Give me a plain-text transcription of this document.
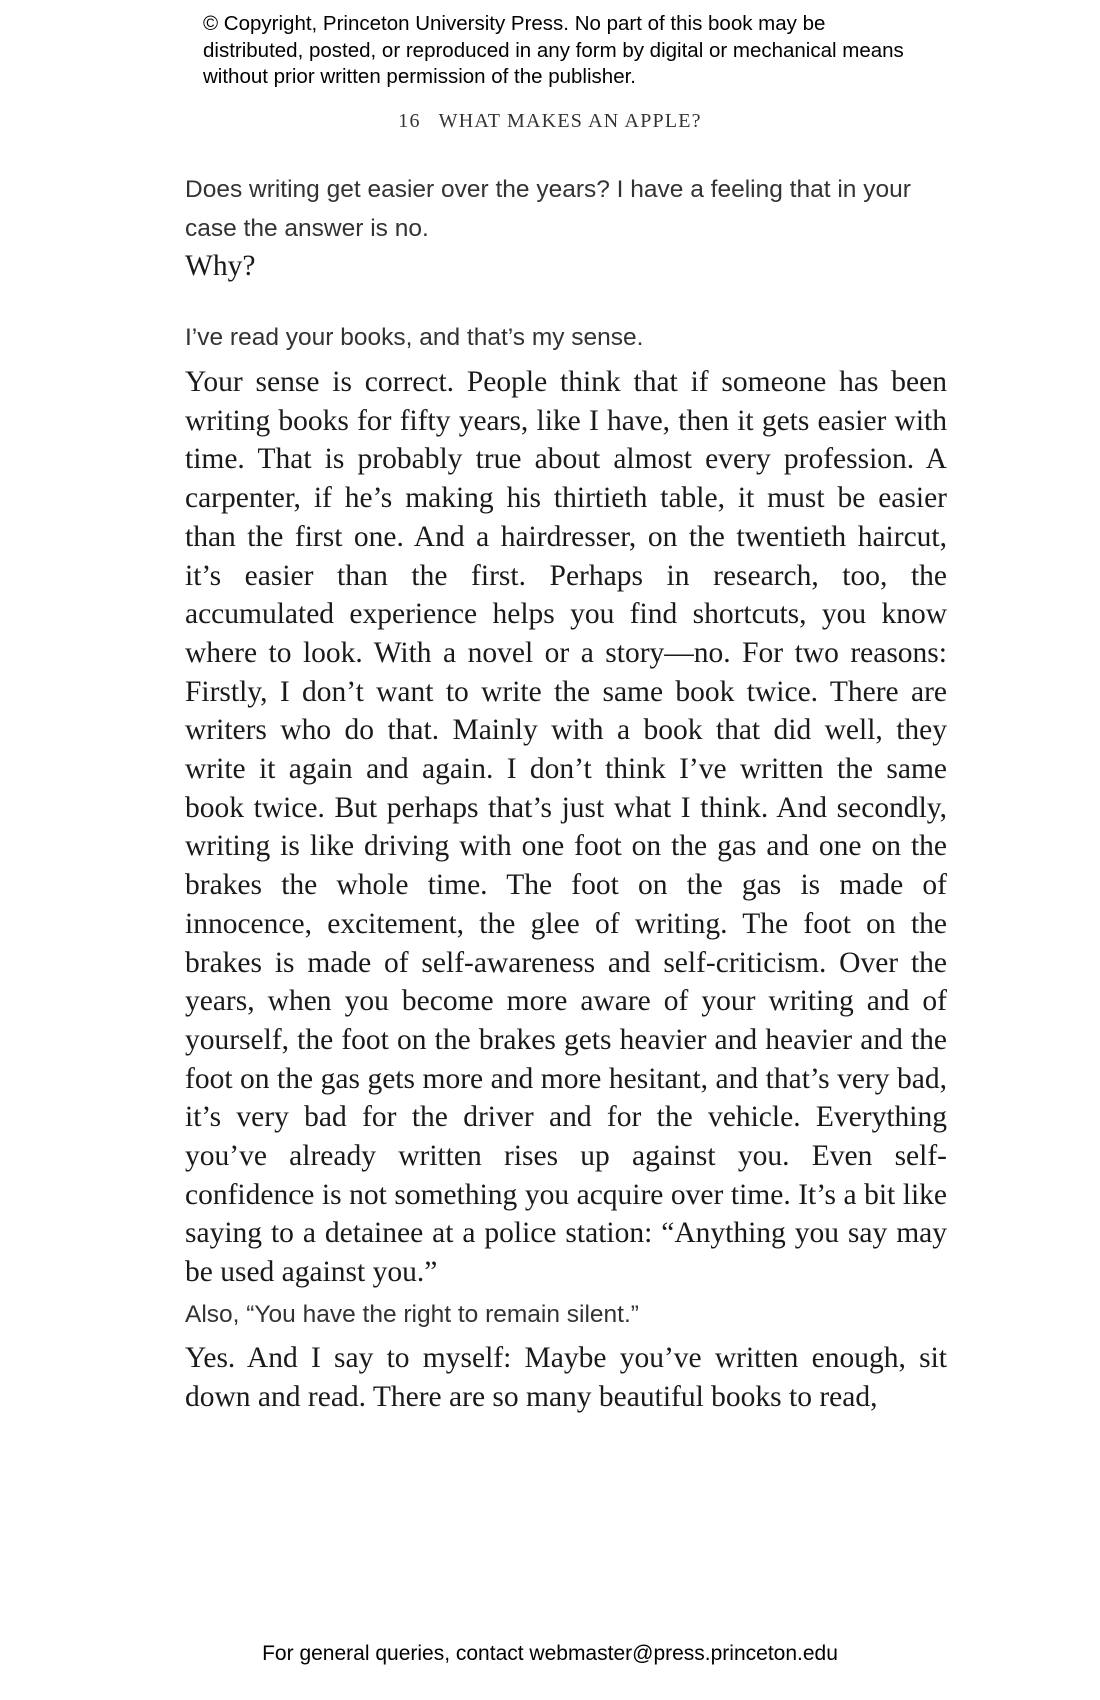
© Copyright, Princeton University Press. No part of this book may be distributed, posted, or reproduced in any form by digital or mechanical means without prior written permission of the publisher.

16 WHAT MAKES AN APPLE?

Does writing get easier over the years? I have a feeling that in your case the answer is no.

Why?

I’ve read your books, and that’s my sense.

Your sense is correct. People think that if someone has been writing books for fifty years, like I have, then it gets easier with time. That is probably true about almost every profession. A carpenter, if he’s making his thirtieth table, it must be easier than the first one. And a hairdresser, on the twentieth haircut, it’s easier than the first. Perhaps in research, too, the accumulated experience helps you find shortcuts, you know where to look. With a novel or a story—no. For two reasons: Firstly, I don’t want to write the same book twice. There are writers who do that. Mainly with a book that did well, they write it again and again. I don’t think I’ve written the same book twice. But perhaps that’s just what I think. And secondly, writing is like driving with one foot on the gas and one on the brakes the whole time. The foot on the gas is made of innocence, excitement, the glee of writing. The foot on the brakes is made of self-awareness and self-criticism. Over the years, when you become more aware of your writing and of yourself, the foot on the brakes gets heavier and heavier and the foot on the gas gets more and more hesitant, and that’s very bad, it’s very bad for the driver and for the vehicle. Everything you’ve already written rises up against you. Even self-confidence is not something you acquire over time. It’s a bit like saying to a detainee at a police station: “Anything you say may be used against you.”

Also, “You have the right to remain silent.”

Yes. And I say to myself: Maybe you’ve written enough, sit down and read. There are so many beautiful books to read,

For general queries, contact webmaster@press.princeton.edu
